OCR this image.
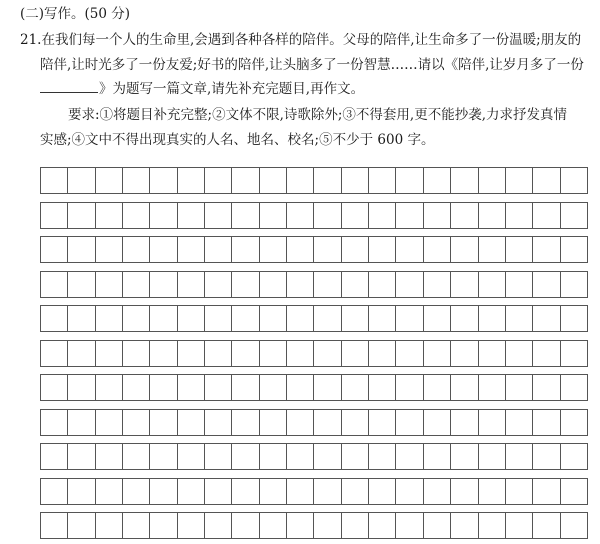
(二)写作。(50 分)
21.在我们每一个人的生命里,会遇到各种各样的陪伴。父母的陪伴,让生命多了一份温暖;朋友的
陪伴,让时光多了一份友爱;好书的陪伴,让头脑多了一份智慧……请以《陪伴,让岁月多了一份
》为题写一篇文章,请先补充完题目,再作文。
要求:①将题目补充完整;②文体不限,诗歌除外;③不得套用,更不能抄袭,力求抒发真情
实感;④文中不得出现真实的人名、地名、校名;⑤不少于 600 字。
